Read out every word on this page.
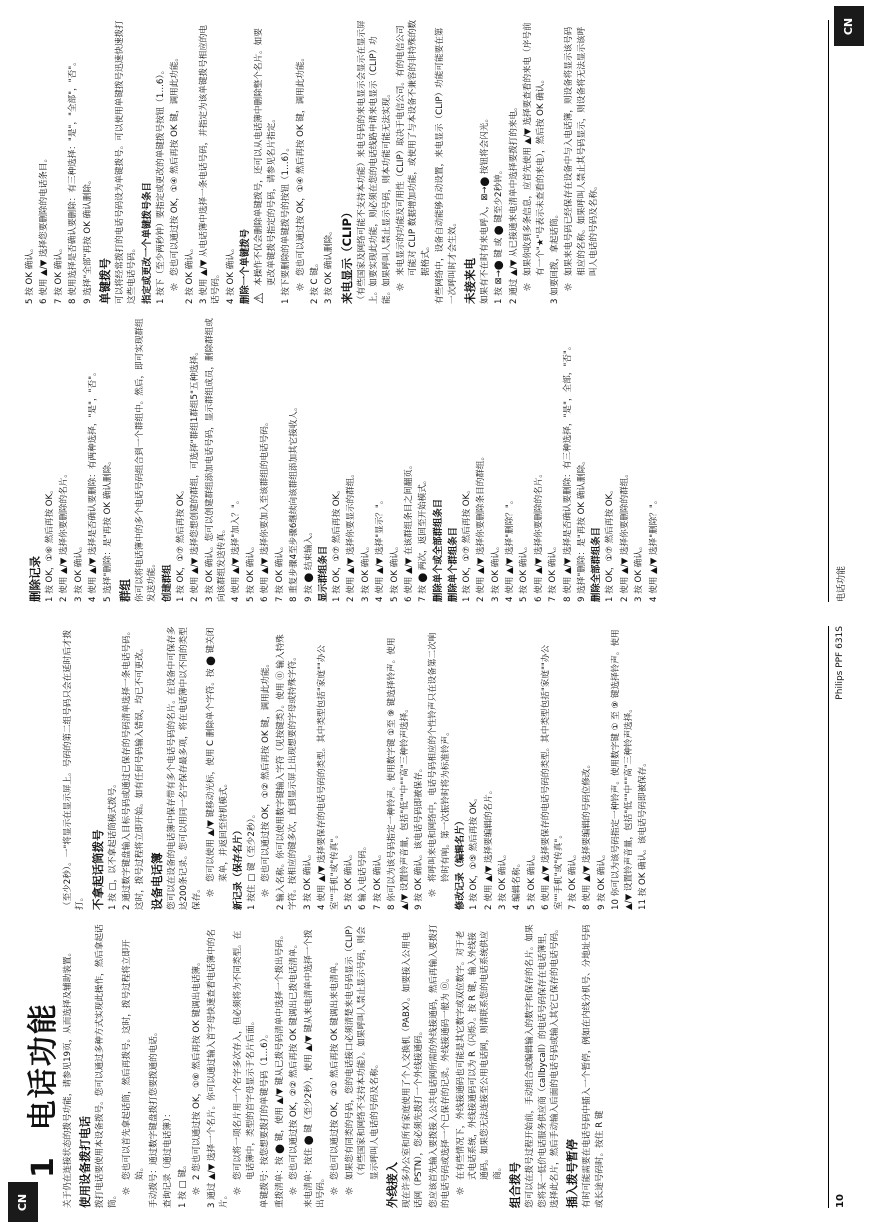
1  电话功能 关于仍在连接状态的拨号功能，请参见19页，从而选择及辅助装置。 使用设备拨打电话 拨打电话要使用本设备拨号。您可以通过多种方式实现此操作，然后拿起话筒。 ☼
您也可以首先拿起话筒，然后再拨号。这时，拨号过程将立即开始。 手动拨号：通过数字键盘拨打您要拨通的电话。 查询记录（通过电话簿）： 1 按 □ 键。 ☼
2 您也可以通过按 OK，①⑥ 然后再按 OK 键调出电话簿。 3 通过 ▲/▼ 选择一个名片。你可以通过输入首字母快速查看电话簿中的名片。 ☼
您可以将一项名片用一个名字多次存入，但必须将为不同类型。在电话簿中，类型的首字母显示于名片后面。 单键拨号：按您想要拨打的单键号码（1…6）。 重拨清单：按 ⬤ 键，使用 ▲/▼ 键从已拨号码清单中选择一个拨出号码。 ☼
您也可以通过按 OK，②② 然后再按 OK 键调出已拨电话清单。 来电清单：按住 ⬤ 键（至少2秒），使用 ▲/▼ 键从来电清单中选择一个拨出号码。 ☼
您也可以通过按 OK，②① 然后再按 OK 键调出来电清单。
☼
如果您有同类的号码，您的电话接口必须清楚来电号码显示（CLIP）（有些国家和网络不支持本功能）。如果呼叫人禁止显示号码，则会显示呼叫人电话的号码及名称。
外线接入 现在许多办公室和所有家庭使用了个人交换机（PABX）。如要接入公用电话网（PSTN），您必须先拨打一个外线接通码。 您应该首先输入要拨接入公共电话网所需的外线接通码，然后再输入要拨打的电话号码或选择一个已保存的记录。外线接通码一般为 ⓪。 ☼
在有些情况下，外线接通码也可能是其它数字或双位数字。对于老式电话系统，外线接通码可以为 R（闪烁）。按 R 键，输入外线接通码。如果您无法连接至公用电话网，则请联系您的电话系统供应商。 组合拨号 您可以在拨号过程开始前，手动组合或编辑输入的数字和保存的名片。如果您将某一低价电话服务供应商（callbycall）的电话号码保存在电话簿里，选择此名片，然后手动输入后面的电话号码或输入其它已保存的电话号码。 插入拨号暂停 有时可能需要在电话号码中插入一个暂停，例如在内线分机号、分地址号码或长途号码时。按住 R 键

（至少2秒）。一"将显示在显示屏上。号码的第二组号码只会在延时后才拨打。 不拿起话筒拨号 1 按 □，以不拿起话筒模式拨号。 2 通过数字键盘输入目标号码或通过已保存的号码清单选择一条电话号码。这时，拨号过程将立即开始。如有任何号码输入错误，均已不可更改。 设备电话簿 您可以在设备的电话簿中保存带有多个电话号码的名片。在设备中可保存多达200条记录。您可以用同一名字保存最多项，将在电话簿中以不同的类型保存。 ☼
您可以使用 ▲/▼ 键移动光标，使用 C 删除单个字符。按 ⬤ 键关闭菜单，并返回至待机模式。 新记录（保存名片） 1 按住 □ 键（至少2秒）。 ☼
您也可以通过按 OK，①② 然后再按 OK 键，调用此功能。 2 输入名称。你可以使用数字键输入字符（见按键类）。使用 ⓪ 输入特殊字符。按相应的键多次，直到显示屏上出现想要的字母或特殊字符。 3 按 OK 确认。 4 使用 ▲/▼ 选择要保存的电话号码的类型。其中类型包括"家庭""办公室""手机"或"传真"。 5 按 OK 确认。 6 输入电话号码。 7 按 OK 确认。 8 你可以为该号码指定一种铃声。使用数字键 ①至 ⑨ 键选择铃声。使用 ▲/▼ 设置铃声音量，包括"低""中""高"三种铃声选择。 9 按 OK 确认。该电话号码即被保存。 ☼
将呼叫来电和网络中，电话号码相应的个性铃声只在设备第二次响铃时有响。第一次振铃时将为标准铃声。 修改记录（编辑名片） 1 按 OK，①⑤ 然后再按 OK。 2 使用 ▲/▼ 选择要编辑的名片。 3 按 OK 确认。 4 编辑名称。 5 按 OK 确认。 6 使用 ▲/▼ 选择要保存的电话号码的类型。其中类型包括"家庭""办公室""手机"或"传真"。 7 按 OK 确认。 8 使用 ▲/▼ 选择要编辑的号码位修改。 9 按 OK 确认。 10 你可以为该号码指定一种铃声。使用数字键 ① 至 ⑨ 键选择铃声。使用 ▲/▼ 设置铃声音量，包括"低""中""高"三种铃声选择。 11 按 OK 确认。该电话号码即被保存。

10
Philips PPF 631S
删除记录 1 按 OK，①⑥ 然后再按 OK。 2 使用 ▲/▼ 选择你要删除的名片。 3 按 OK 确认。 4 使用 ▲/▼ 选择是否确认要删除：有两种选择，"是"，"否"。 5 选择"删除：是"再按 OK 确认删除。 群组 你可以将电话簿中的多个电话号码组合到一个群组中。然后，即可实现群组发送功能。 创建群组 1 按 OK，①⑦ 然后再按 OK。 2 使用 ▲/▼ 选择您想创建的群组，可选择"群组1群组5"五种选择。 3 按 OK 确认。您可以创建群组添加电话号码，显示群组成员，删除群组或向该群组发送传真。 4 使用 ▲/▼ 选择"加入？"。 5 按 OK 确认。 6 使用 ▲/▼ 选择你要加入至该群组的电话号码。 7 按 OK 确认。 8 重复步骤4至步骤6继续向该群组添加其它接收人。 9 按 ⬤ 结束输入。 显示群组条目 1 按 OK，①⑦ 然后再按 OK。 2 使用 ▲/▼ 选择你要显示的群组。 3 按 OK 确认。 4 使用 ▲/▼ 选择"显示？"。 5 按 OK 确认。 6 使用 ▲/▼ 在该群组条目之间翻页。 7 按 ⬤ 两次，返回至开始模式。 删除单个或全部群组条目 删除单个群组条目 1 按 OK，①⑦ 然后再按 OK。 2 使用 ▲/▼ 选择你要删除条目的群组。 3 按 OK 确认。 4 使用 ▲/▼ 选择"删除？"。 5 按 OK 确认。 6 使用 ▲/▼ 选择你要删除的名片。 7 按 OK 确认。 8 使用 ▲/▼ 选择是否确认要删除：有三种选择，"是"，全部，"否"。 9 选择"删除：是"再按 OK 确认删除。 删除全部群组条目 1 按 OK，①⑦ 然后再按 OK。 2 使用 ▲/▼ 选择你要删除的群组。 3 按 OK 确认。 4 使用 ▲/▼ 选择"删除？"。

5 按 OK 确认。 6 使用 ▲/▼ 选择您要删除的电话条目。 7 按 OK 确认。 8 使用选择是否确认要删除：有三种选择："是"，"全部"，"否"。 9 选择"全部"再按 OK 确认删除。 单键拨号 可以将经常拨打的电话号码设为单键拨号。可以使用单键拨号迅速快速拨打这些电话号码。 指定或更改一个单键拨号条目 1 按下（至少两秒钟）要指定或更改的单键拨号按钮（1…6）。 ☼
您也可以通过按 OK，①④ 然后再按 OK 键，调用此功能。 2 按 OK 确认。 3 使用 ▲/▼ 从电话簿中选择一条电话号码，并指定为该单键拨号相应的电话号码。 4 按 OK 确认。 删除一个单键拨号 ⚠
本操作不仅会删除单键拨号，还可以从电话簿中删除整个名片。如要更改单键拨号指定的号码，请参见名片指定。 1 按下要删除的单键拨号的按钮（1…6）。 ☼
您也可以通过按 OK，①④ 然后再按 OK 键，调用此功能。

2 按 C 键。 3 按 OK 确认删除。 来电显示（CLIP） （有些国家及网络可能不支持本功能）来电号码的来电显示会显示在显示屏上。如要实现此功能，则必须在您的电话线路申请来电显示（CLIP）功能。如果呼叫人禁止显示号码，则本功能可能无法实现。 ☼
来电显示的功能及可用性（CLIP）取决于电信公司。有的电信公司可能对 CLIP 数据增加功能，或使用了与本设备不兼容的非特殊的数据格式。 有些网络中，设备自动能够自动设置，来电显示（CLIP）功能可能要在第一次呼叫时才会生效。 未接来电 如果有不在时有来电呼入，⊠→⬤ 按钮将会闪光。 1 按 ⊠→⬤ 键 或 ⬤ 键至少2秒钟。 2 通过 ▲/▼ 从已接通来电清单中选择要拨打的来电。 ☼
如果你收到多条信息，应首先使用 ▲/▼ 选择要查看的来电（序号前有一个"★"号表示未查看的来电），然后按 OK 确认。 3 如要回拨，拿起话筒。 ☼
如果来电号码已经保存在设备中与入电话簿，则设备将显示该号码相应的名称。如果呼叫人禁止其号码显示，则设备将无法显示该呼叫人电话的号码及名称。
电话功能
CN
CN
